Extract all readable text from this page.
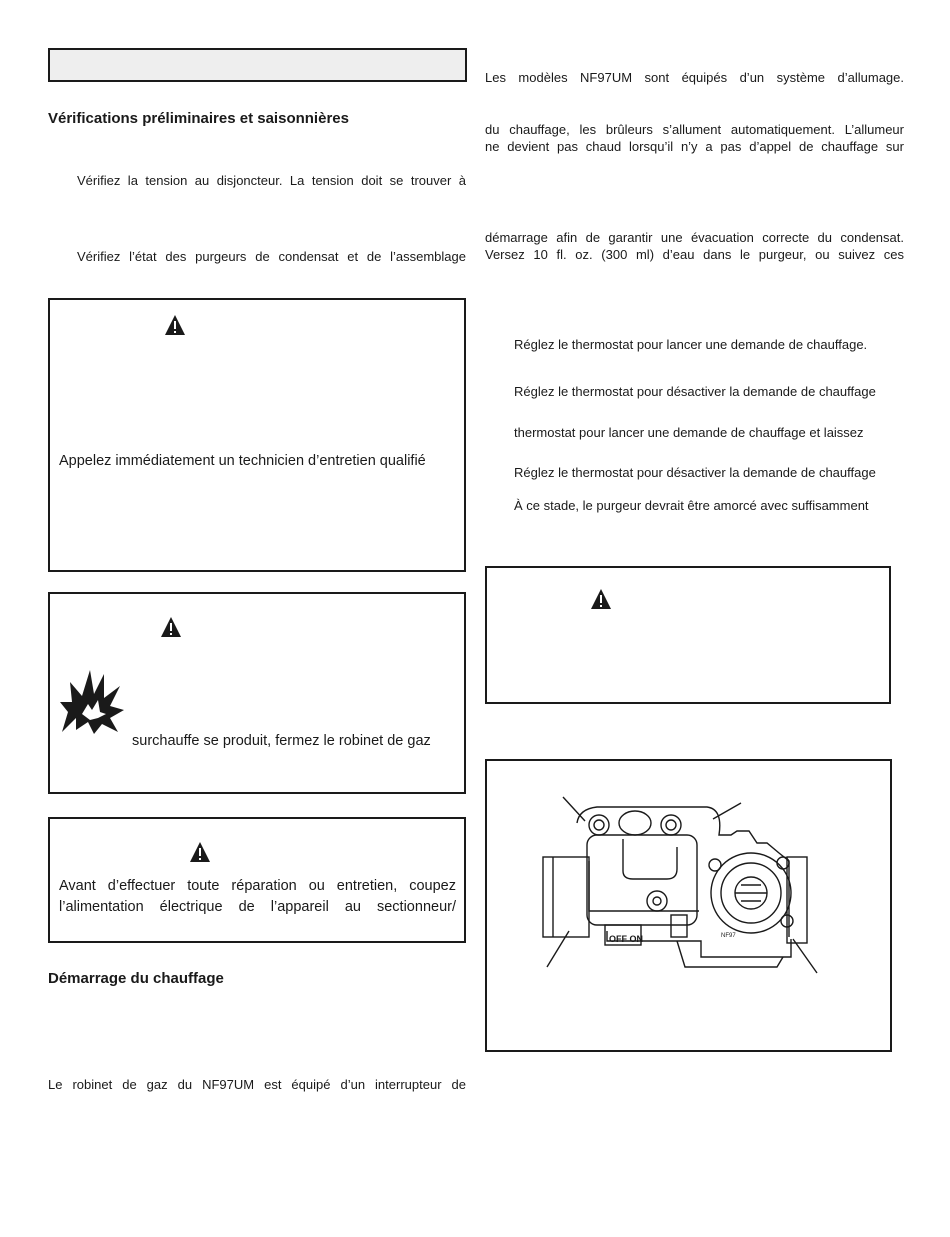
Vérifications préliminaires et saisonnières
Vérifiez la tension au disjoncteur. La tension doit se trouver à
Vérifiez l’état des purgeurs de condensat et de l’assemblage
Appelez immédiatement un technicien d’entretien qualifié
surchauffe se produit, fermez le robinet de gaz
Avant d’effectuer toute réparation ou entretien, coupez
l’alimentation électrique de l’appareil au sectionneur/
Démarrage du chauffage
Le robinet de gaz du NF97UM est équipé d’un interrupteur de
Les modèles NF97UM sont équipés d’un système d’allumage.
du chauffage, les brûleurs s’allument automatiquement. L’allumeur
ne devient pas chaud lorsqu’il n’y a pas d’appel de chauffage sur
démarrage afin de garantir une évacuation correcte du condensat.
Versez 10 fl. oz. (300 ml) d’eau dans le purgeur, ou suivez ces
Réglez le thermostat pour lancer une demande de chauffage.
Réglez le thermostat pour désactiver la demande de chauffage
thermostat pour lancer une demande de chauffage et laissez
Réglez le thermostat pour désactiver la demande de chauffage
À ce stade, le purgeur devrait être amorcé avec suffisamment
OFF ON	NF97
